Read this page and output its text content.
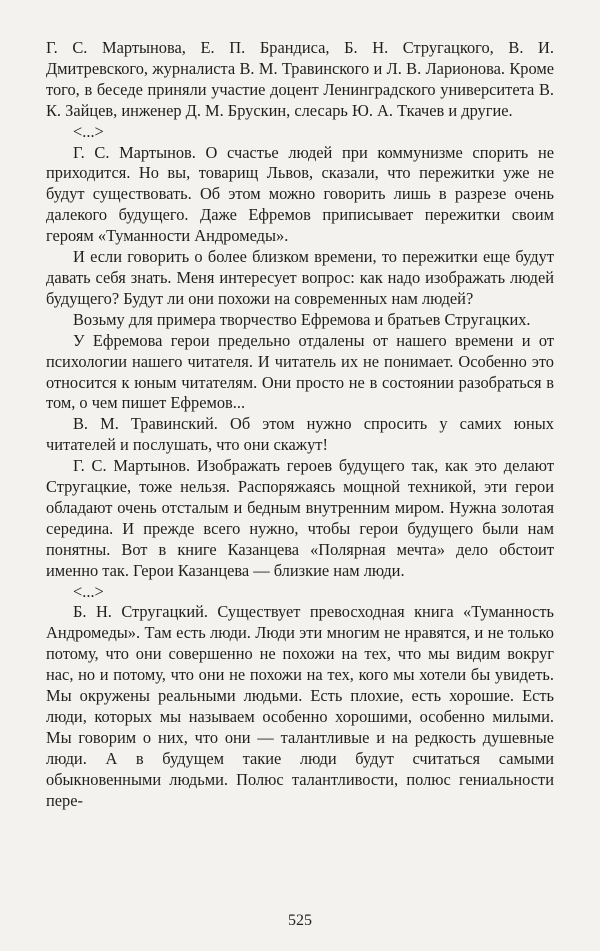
Г. С. Мартынова, Е. П. Брандиса, Б. Н. Стругацкого, В. И. Дмитревского, журналиста В. М. Травинского и Л. В. Ларионова. Кроме того, в беседе приняли участие доцент Ленинградского университета В. К. Зайцев, инженер Д. М. Брускин, слесарь Ю. А. Ткачев и другие.

<...>

Г. С. Мартынов. О счастье людей при коммунизме спорить не приходится. Но вы, товарищ Львов, сказали, что пережитки уже не будут существовать. Об этом можно говорить лишь в разрезе очень далекого будущего. Даже Ефремов приписывает пережитки своим героям «Туманности Андромеды».

И если говорить о более близком времени, то пережитки еще будут давать себя знать. Меня интересует вопрос: как надо изображать людей будущего? Будут ли они похожи на современных нам людей?

Возьму для примера творчество Ефремова и братьев Стругацких.

У Ефремова герои предельно отдалены от нашего времени и от психологии нашего читателя. И читатель их не понимает. Особенно это относится к юным читателям. Они просто не в состоянии разобраться в том, о чем пишет Ефремов...

В. М. Травинский. Об этом нужно спросить у самих юных читателей и послушать, что они скажут!

Г. С. Мартынов. Изображать героев будущего так, как это делают Стругацкие, тоже нельзя. Распоряжаясь мощной техникой, эти герои обладают очень отсталым и бедным внутренним миром. Нужна золотая середина. И прежде всего нужно, чтобы герои будущего были нам понятны. Вот в книге Казанцева «Полярная мечта» дело обстоит именно так. Герои Казанцева — близкие нам люди.

<...>

Б. Н. Стругацкий. Существует превосходная книга «Туманность Андромеды». Там есть люди. Люди эти многим не нравятся, и не только потому, что они совершенно не похожи на тех, что мы видим вокруг нас, но и потому, что они не похожи на тех, кого мы хотели бы увидеть. Мы окружены реальными людьми. Есть плохие, есть хорошие. Есть люди, которых мы называем особенно хорошими, особенно милыми. Мы говорим о них, что они — талантливые и на редкость душевные люди. А в будущем такие люди будут считаться самыми обыкновенными людьми. Полюс талантливости, полюс гениальности пере-

525
